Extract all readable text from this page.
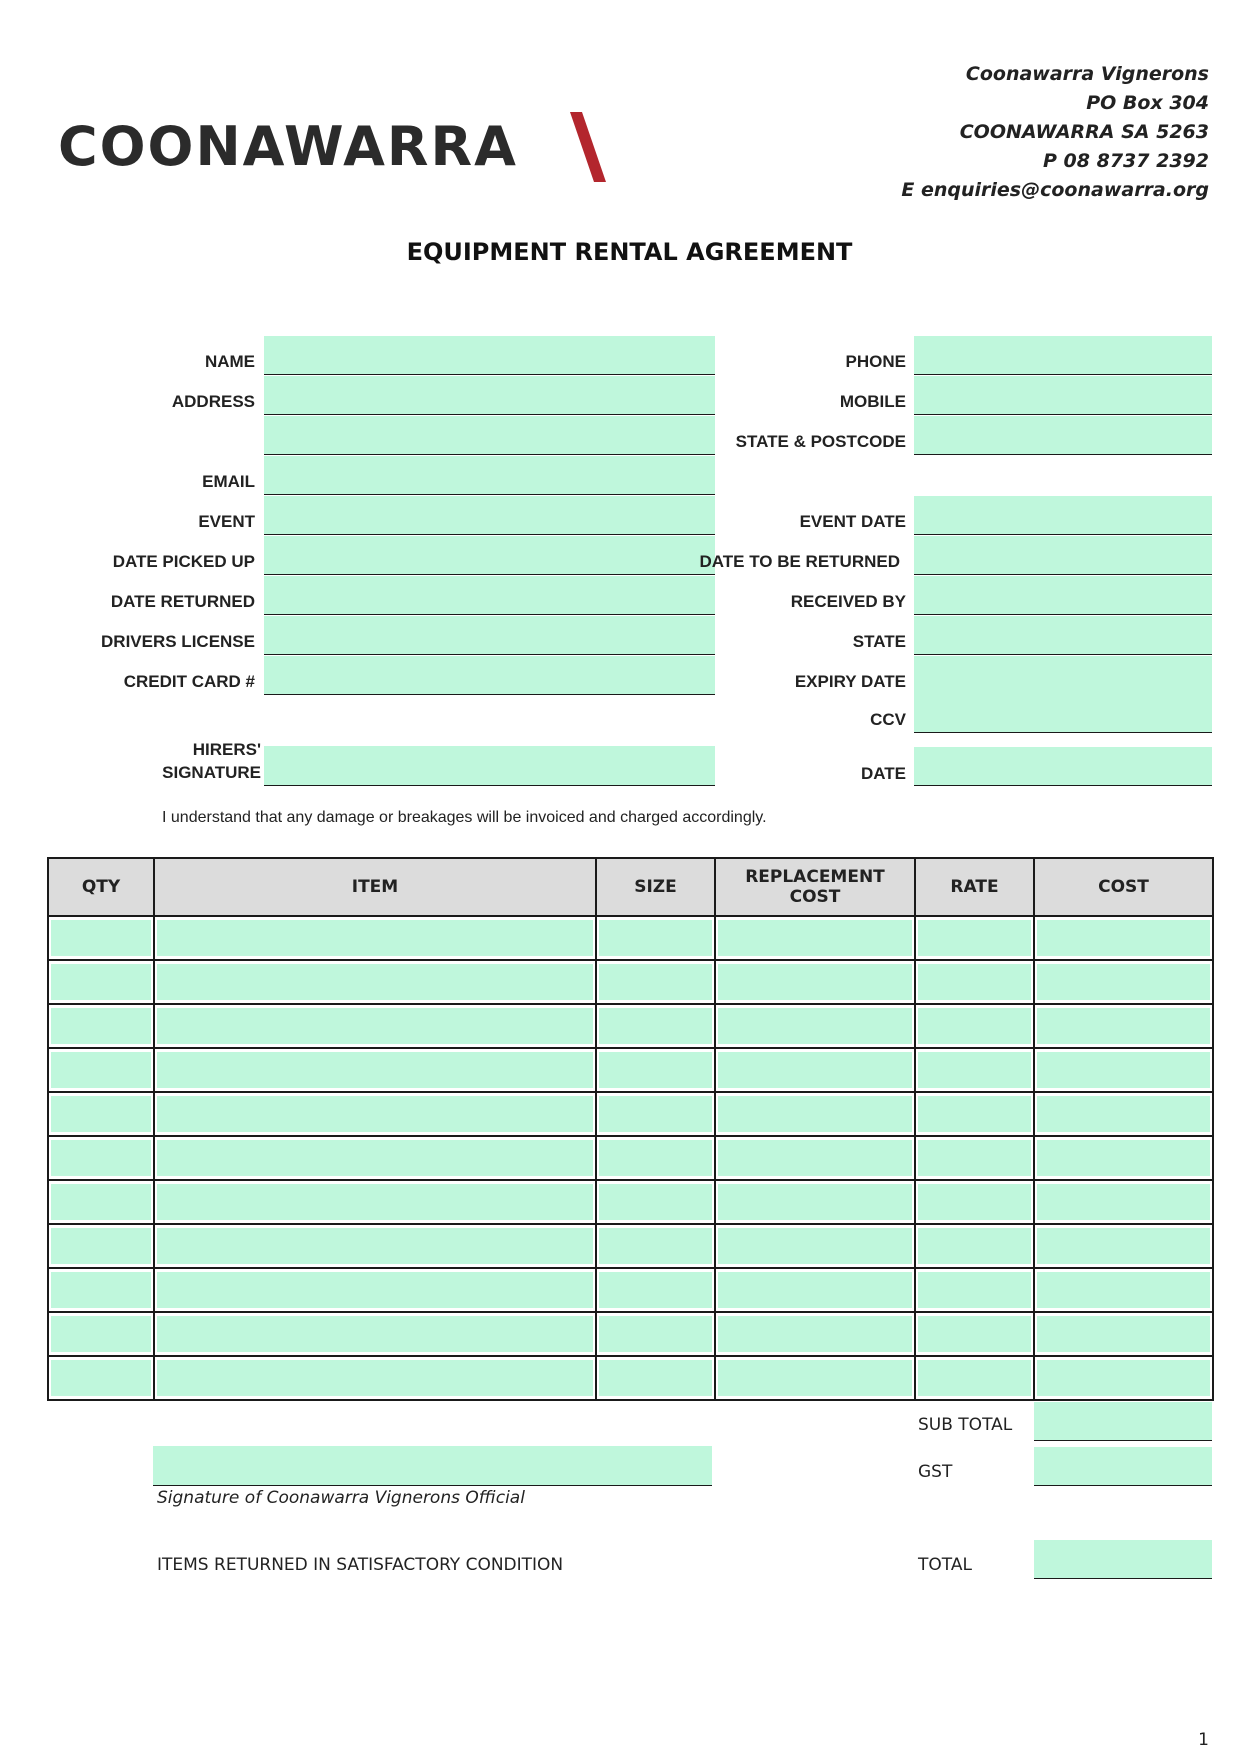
COONAWARRA
Coonawarra Vignerons
PO Box 304
COONAWARRA SA 5263
P 08 8737 2392
E enquiries@coonawarra.org
EQUIPMENT RENTAL AGREEMENT
NAME
ADDRESS
EMAIL
EVENT
DATE PICKED UP
DATE RETURNED
DRIVERS LICENSE
CREDIT CARD #
HIRERS'
SIGNATURE
PHONE
MOBILE
STATE & POSTCODE
EVENT DATE
DATE TO BE RETURNED
RECEIVED BY
STATE
EXPIRY DATE
CCV
DATE
I understand that any damage or breakages will be invoiced and charged accordingly.
QTY	ITEM	SIZE	REPLACEMENT COST	RATE	COST

SUB TOTAL
GST
TOTAL
Signature of Coonawarra Vignerons Official
ITEMS RETURNED IN SATISFACTORY CONDITION
1
